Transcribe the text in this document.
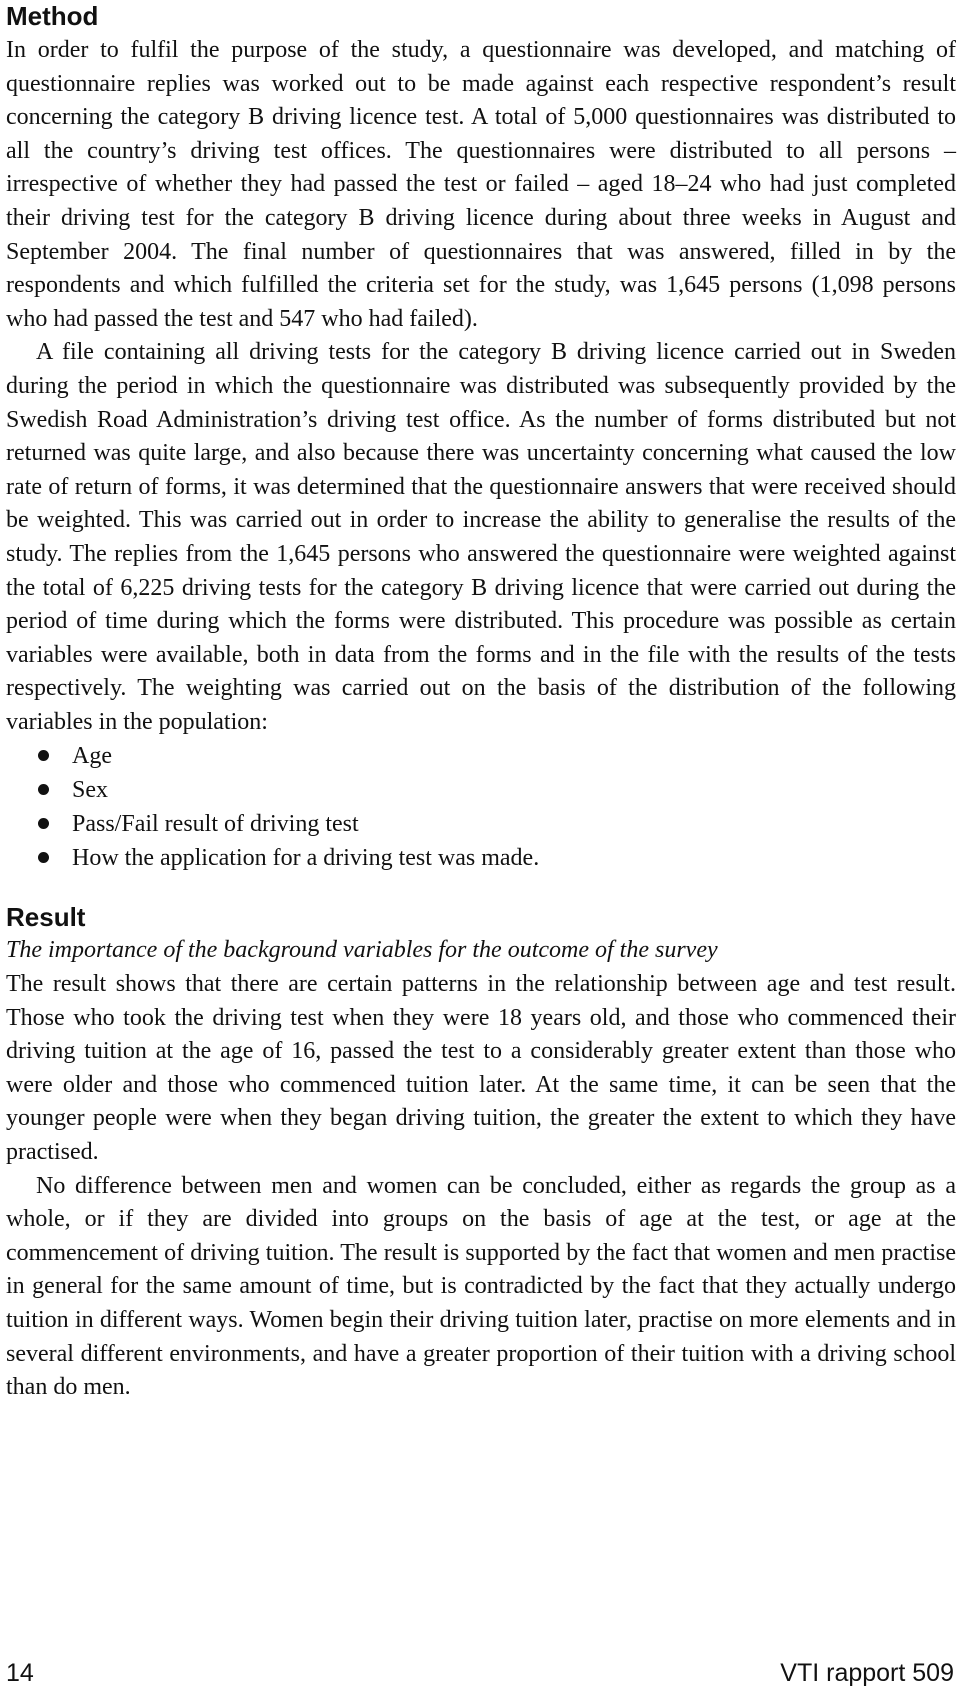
Method

In order to fulfil the purpose of the study, a questionnaire was developed, and matching of questionnaire replies was worked out to be made against each respective respondent’s result concerning the category B driving licence test. A total of 5,000 questionnaires was distributed to all the country’s driving test offices. The questionnaires were distributed to all persons – irrespective of whether they had passed the test or failed – aged 18–24 who had just completed their driving test for the category B driving licence during about three weeks in August and September 2004. The final number of questionnaires that was answered, filled in by the respondents and which fulfilled the criteria set for the study, was 1,645 persons (1,098 persons who had passed the test and 547 who had failed).

A file containing all driving tests for the category B driving licence carried out in Sweden during the period in which the questionnaire was distributed was subsequently provided by the Swedish Road Administration’s driving test office. As the number of forms distributed but not returned was quite large, and also because there was uncertainty concerning what caused the low rate of return of forms, it was determined that the questionnaire answers that were received should be weighted. This was carried out in order to increase the ability to generalise the results of the study. The replies from the 1,645 persons who answered the questionnaire were weighted against the total of 6,225 driving tests for the category B driving licence that were carried out during the period of time during which the forms were distributed. This procedure was possible as certain variables were available, both in data from the forms and in the file with the results of the tests respectively. The weighting was carried out on the basis of the distribution of the following variables in the population:

Age
Sex
Pass/Fail result of driving test
How the application for a driving test was made.
Result

The importance of the background variables for the outcome of the survey

The result shows that there are certain patterns in the relationship between age and test result. Those who took the driving test when they were 18 years old, and those who commenced their driving tuition at the age of 16, passed the test to a considerably greater extent than those who were older and those who commenced tuition later. At the same time, it can be seen that the younger people were when they began driving tuition, the greater the extent to which they have practised.

No difference between men and women can be concluded, either as regards the group as a whole, or if they are divided into groups on the basis of age at the test, or age at the commencement of driving tuition. The result is supported by the fact that women and men practise in general for the same amount of time, but is contradicted by the fact that they actually undergo tuition in different ways. Women begin their driving tuition later, practise on more elements and in several different environments, and have a greater proportion of their tuition with a driving school than do men.

14	VTI rapport 509
